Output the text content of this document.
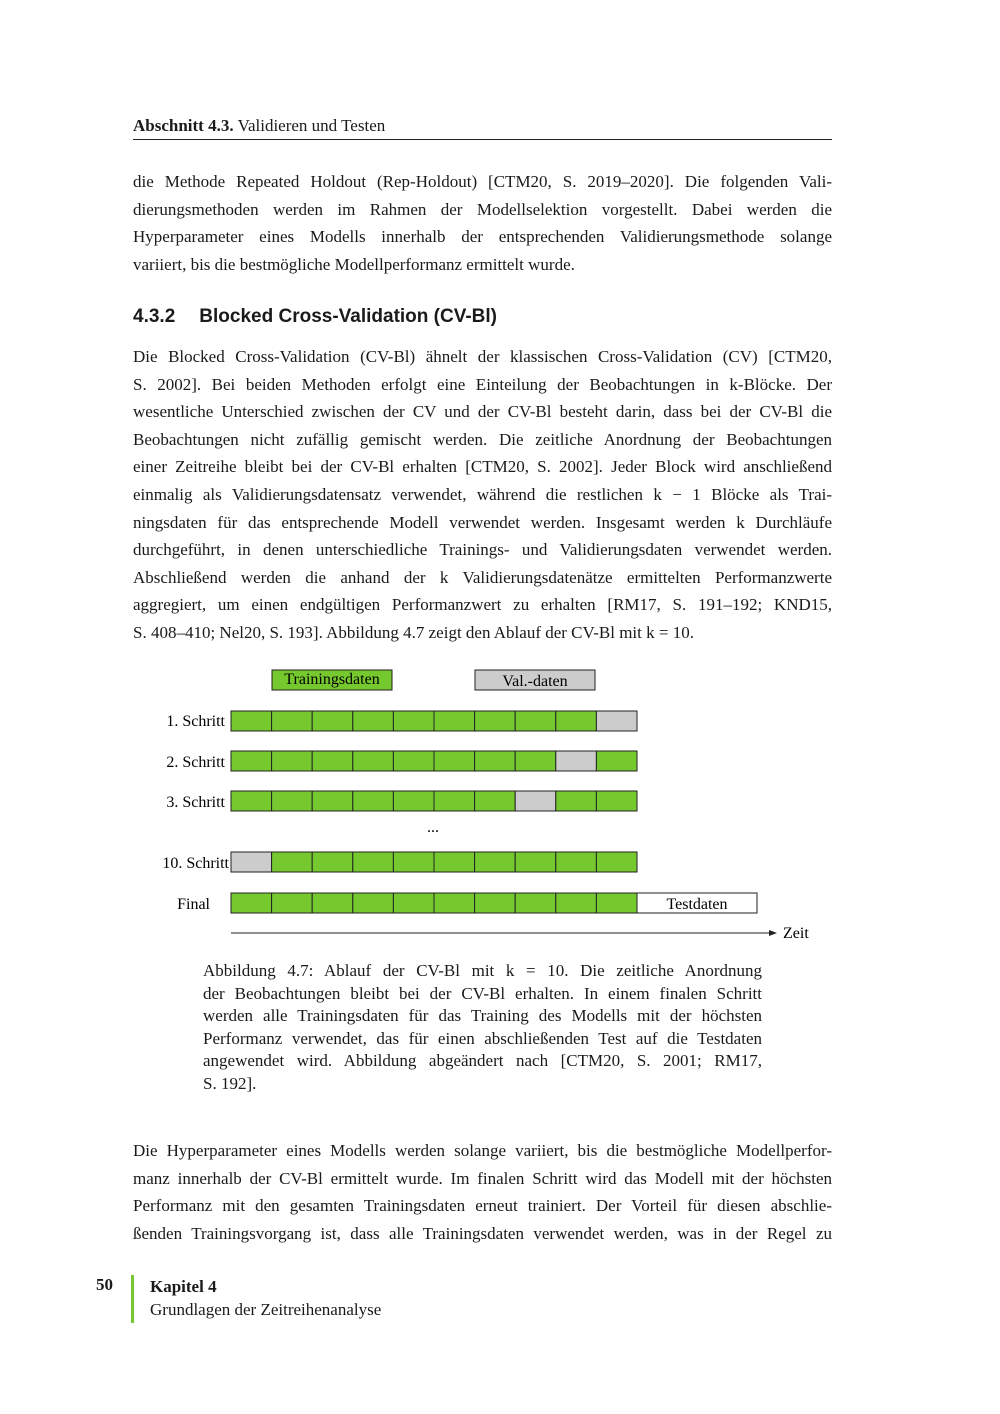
Abschnitt 4.3. Validieren und Testen
die Methode Repeated Holdout (Rep-Holdout) [CTM20, S. 2019–2020]. Die folgenden Vali-
dierungsmethoden werden im Rahmen der Modellselektion vorgestellt. Dabei werden die
Hyperparameter eines Modells innerhalb der entsprechenden Validierungsmethode solange
variiert, bis die bestmögliche Modellperformanz ermittelt wurde.
4.3.2 Blocked Cross-Validation (CV-Bl)
Die Blocked Cross-Validation (CV-Bl) ähnelt der klassischen Cross-Validation (CV) [CTM20,
S. 2002]. Bei beiden Methoden erfolgt eine Einteilung der Beobachtungen in k-Blöcke. Der
wesentliche Unterschied zwischen der CV und der CV-Bl besteht darin, dass bei der CV-Bl die
Beobachtungen nicht zufällig gemischt werden. Die zeitliche Anordnung der Beobachtungen
einer Zeitreihe bleibt bei der CV-Bl erhalten [CTM20, S. 2002]. Jeder Block wird anschließend
einmalig als Validierungsdatensatz verwendet, während die restlichen k − 1 Blöcke als Trai-
ningsdaten für das entsprechende Modell verwendet werden. Insgesamt werden k Durchläufe
durchgeführt, in denen unterschiedliche Trainings- und Validierungsdaten verwendet werden.
Abschließend werden die anhand der k Validierungsdatenätze ermittelten Performanzwerte
aggregiert, um einen endgültigen Performanzwert zu erhalten [RM17, S. 191–192; KND15,
S. 408–410; Nel20, S. 193]. Abbildung 4.7 zeigt den Ablauf der CV-Bl mit k = 10.
Trainingsdaten	Val.-daten
1. Schritt
2. Schritt
3. Schritt
10. Schritt
Final
...
Testdaten
Zeit
Abbildung 4.7: Ablauf der CV-Bl mit k = 10. Die zeitliche Anordnung
der Beobachtungen bleibt bei der CV-Bl erhalten. In einem finalen Schritt
werden alle Trainingsdaten für das Training des Modells mit der höchsten
Performanz verwendet, das für einen abschließenden Test auf die Testdaten
angewendet wird. Abbildung abgeändert nach [CTM20, S. 2001; RM17,
S. 192].
Die Hyperparameter eines Modells werden solange variiert, bis die bestmögliche Modellperfor-
manz innerhalb der CV-Bl ermittelt wurde. Im finalen Schritt wird das Modell mit der höchsten
Performanz mit den gesamten Trainingsdaten erneut trainiert. Der Vorteil für diesen abschlie-
ßenden Trainingsvorgang ist, dass alle Trainingsdaten verwendet werden, was in der Regel zu
50 Kapitel 4
Grundlagen der Zeitreihenanalyse
